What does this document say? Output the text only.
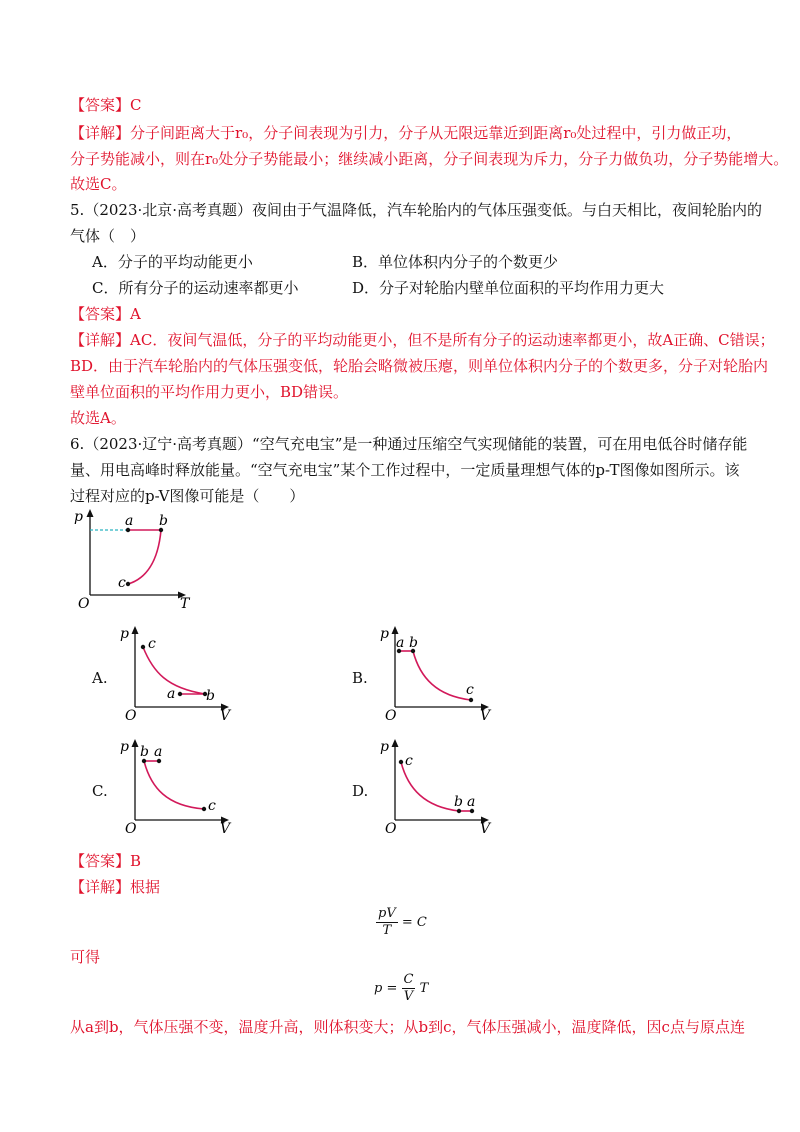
【答案】C
【详解】分子间距离大于r₀，分子间表现为引力，分子从无限远靠近到距离r₀处过程中，引力做正功，
分子势能减小，则在r₀处分子势能最小；继续减小距离，分子间表现为斥力，分子力做负功，分子势能增大。
故选C。
5.（2023·北京·高考真题）夜间由于气温降低，汽车轮胎内的气体压强变低。与白天相比，夜间轮胎内的
气体（　）
A．分子的平均动能更小	B．单位体积内分子的个数更少
C．所有分子的运动速率都更小	D．分子对轮胎内壁单位面积的平均作用力更大
【答案】A
【详解】AC．夜间气温低，分子的平均动能更小，但不是所有分子的运动速率都更小，故A正确、C错误；
BD．由于汽车轮胎内的气体压强变低，轮胎会略微被压瘪，则单位体积内分子的个数更多，分子对轮胎内
壁单位面积的平均作用力更小，BD错误。
故选A。
6.（2023·辽宁·高考真题）“空气充电宝”是一种通过压缩空气实现储能的装置，可在用电低谷时储存能
量、用电高峰时释放能量。“空气充电宝”某个工作过程中，一定质量理想气体的p-T图像如图所示。该
过程对应的p-V图像可能是（　　）
p
T
O
a b
c
A.
p
V
O
c
a b
B.
p
V
O
a b
c
C.
p
V
O
b a
c
D.
p
V
O
c
b a
【答案】B
【详解】根据
$\frac{pV}{T} = C$
可得
$p = \frac{C}{V}$ T
从a到b，气体压强不变，温度升高，则体积变大；从b到c，气体压强减小，温度降低，因c点与原点连
